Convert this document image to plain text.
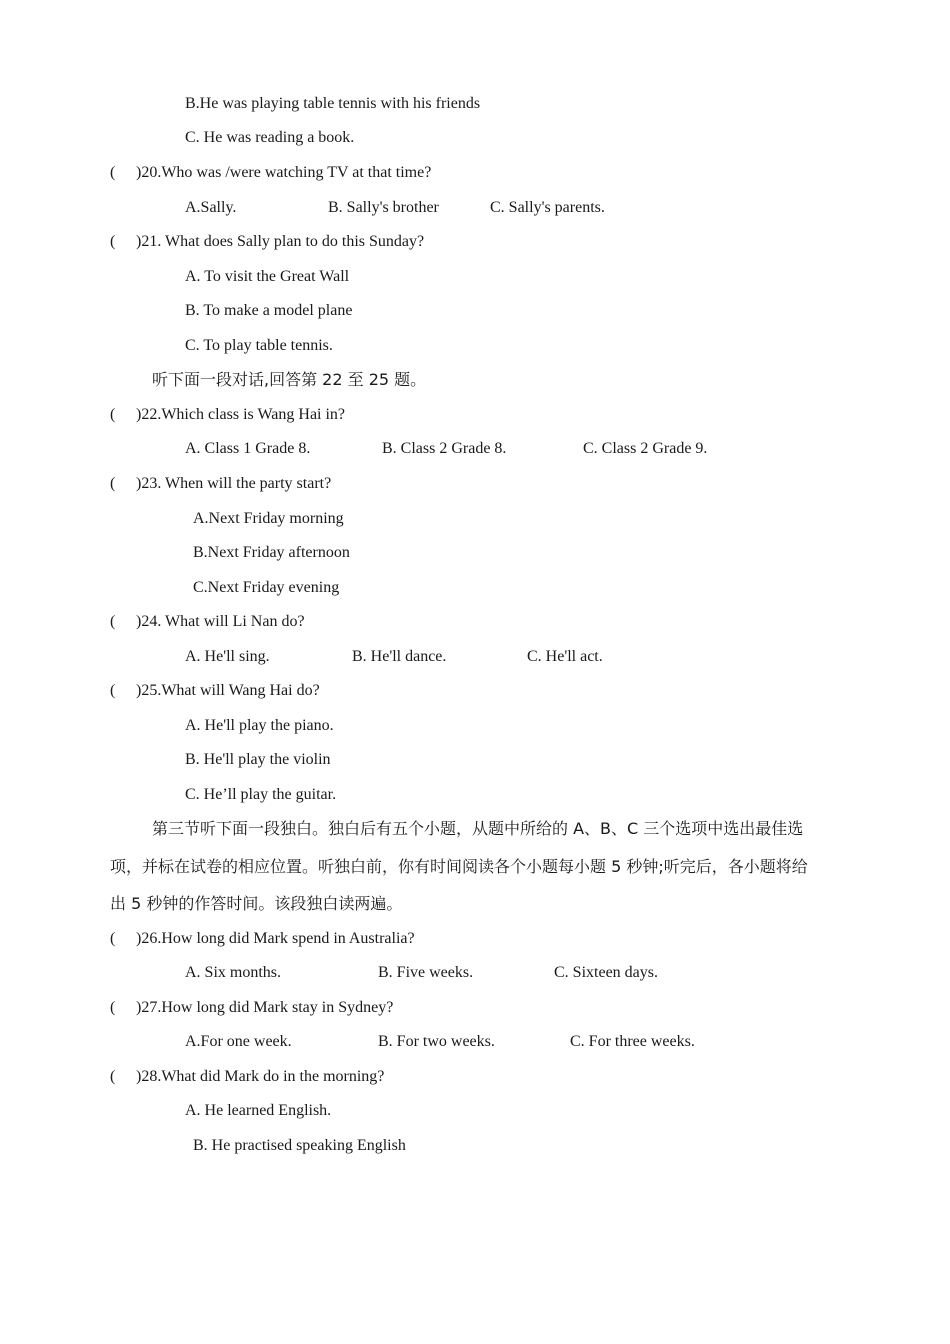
B.He was playing table tennis with his friends
C. He was reading a book.
( )20.Who was /were watching TV at that time?
A.Sally.	B. Sally's brother	C. Sally's parents.
( )21. What does Sally plan to do this Sunday?
A. To visit the Great Wall
B. To make a model plane
C. To play table tennis.
听下面一段对话,回答第 22 至 25 题。
( )22.Which class is Wang Hai in?
A. Class 1 Grade 8.	B. Class 2 Grade 8.	C. Class 2 Grade 9.
( )23. When will the party start?
A.Next Friday morning
B.Next Friday afternoon
C.Next Friday evening
( )24. What will Li Nan do?
A. He'll sing.	B. He'll dance.	C. He'll act.
( )25.What will Wang Hai do?
A. He'll play the piano.
B. He'll play the violin
C. He’ll play the guitar.
第三节听下面一段独白。独白后有五个小题，从题中所给的 A、B、C 三个选项中选出最佳选
项，并标在试卷的相应位置。听独白前，你有时间阅读各个小题每小题 5 秒钟;听完后，各小题将给
出 5 秒钟的作答时间。该段独白读两遍。
( )26.How long did Mark spend in Australia?
A. Six months.	B. Five weeks.	C. Sixteen days.
( )27.How long did Mark stay in Sydney?
A.For one week.	B. For two weeks.	C. For three weeks.
( )28.What did Mark do in the morning?
A. He learned English.
B. He practised speaking English
